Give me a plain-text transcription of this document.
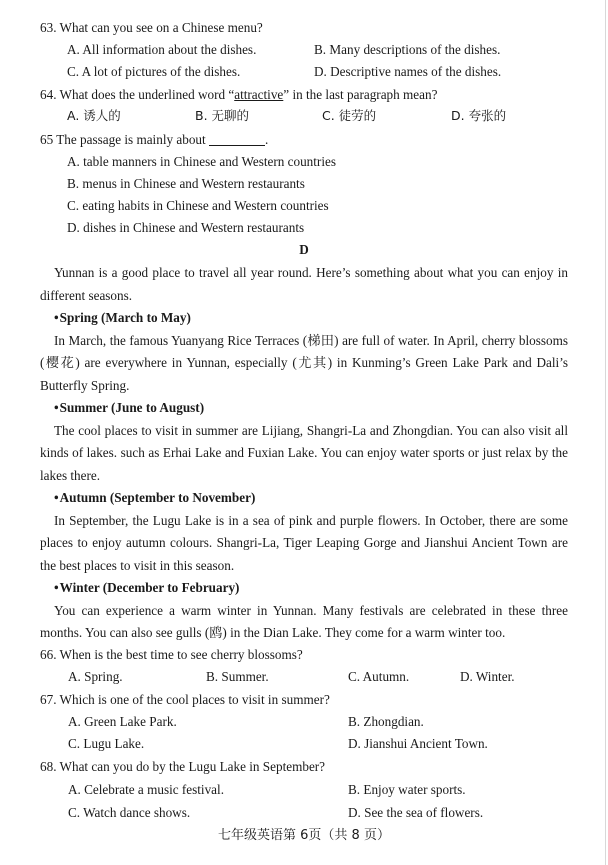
63. What can you see on a Chinese menu?
A. All information about the dishes.	B. Many descriptions of the dishes.
C. A lot of pictures of the dishes.	D. Descriptive names of the dishes.
64. What does the underlined word “attractive” in the last paragraph mean?
A. 诱人的	B. 无聊的	C. 徒劳的	D. 夸张的
65 The passage is mainly about	.
A. table manners in Chinese and Western countries
B. menus in Chinese and Western restaurants
C. eating habits in Chinese and Western countries
D. dishes in Chinese and Western restaurants
D

Yunnan is a good place to travel all year round. Here’s something about what you can enjoy in different seasons.

• Spring (March to May)

In March, the famous Yuanyang Rice Terraces (梯田) are full of water. In April, cherry blossoms (樱花) are everywhere in Yunnan, especially (尤其) in Kunming’s Green Lake Park and Dali’s Butterfly Spring.

• Summer (June to August)

The cool places to visit in summer are Lijiang, Shangri-La and Zhongdian. You can also visit all kinds of lakes. such as Erhai Lake and Fuxian Lake. You can enjoy water sports or just relax by the lakes there.

• Autumn (September to November)

In September, the Lugu Lake is in a sea of pink and purple flowers. In October, there are some places to enjoy autumn colours. Shangri-La, Tiger Leaping Gorge and Jianshui Ancient Town are the best places to visit in this season.

• Winter (December to February)

You can experience a warm winter in Yunnan. Many festivals are celebrated in these three months. You can also see gulls (鸥) in the Dian Lake. They come for a warm winter too.

66. When is the best time to see cherry blossoms?
A. Spring.	B. Summer.	C. Autumn.	D. Winter.
67. Which is one of the cool places to visit in summer?
A. Green Lake Park.	B. Zhongdian.
C. Lugu Lake.	D. Jianshui Ancient Town.
68. What can you do by the Lugu Lake in September?
A. Celebrate a music festival.	B. Enjoy water sports.
C. Watch dance shows.	D. See the sea of flowers.
七年级英语第 6页（共 8 页）
